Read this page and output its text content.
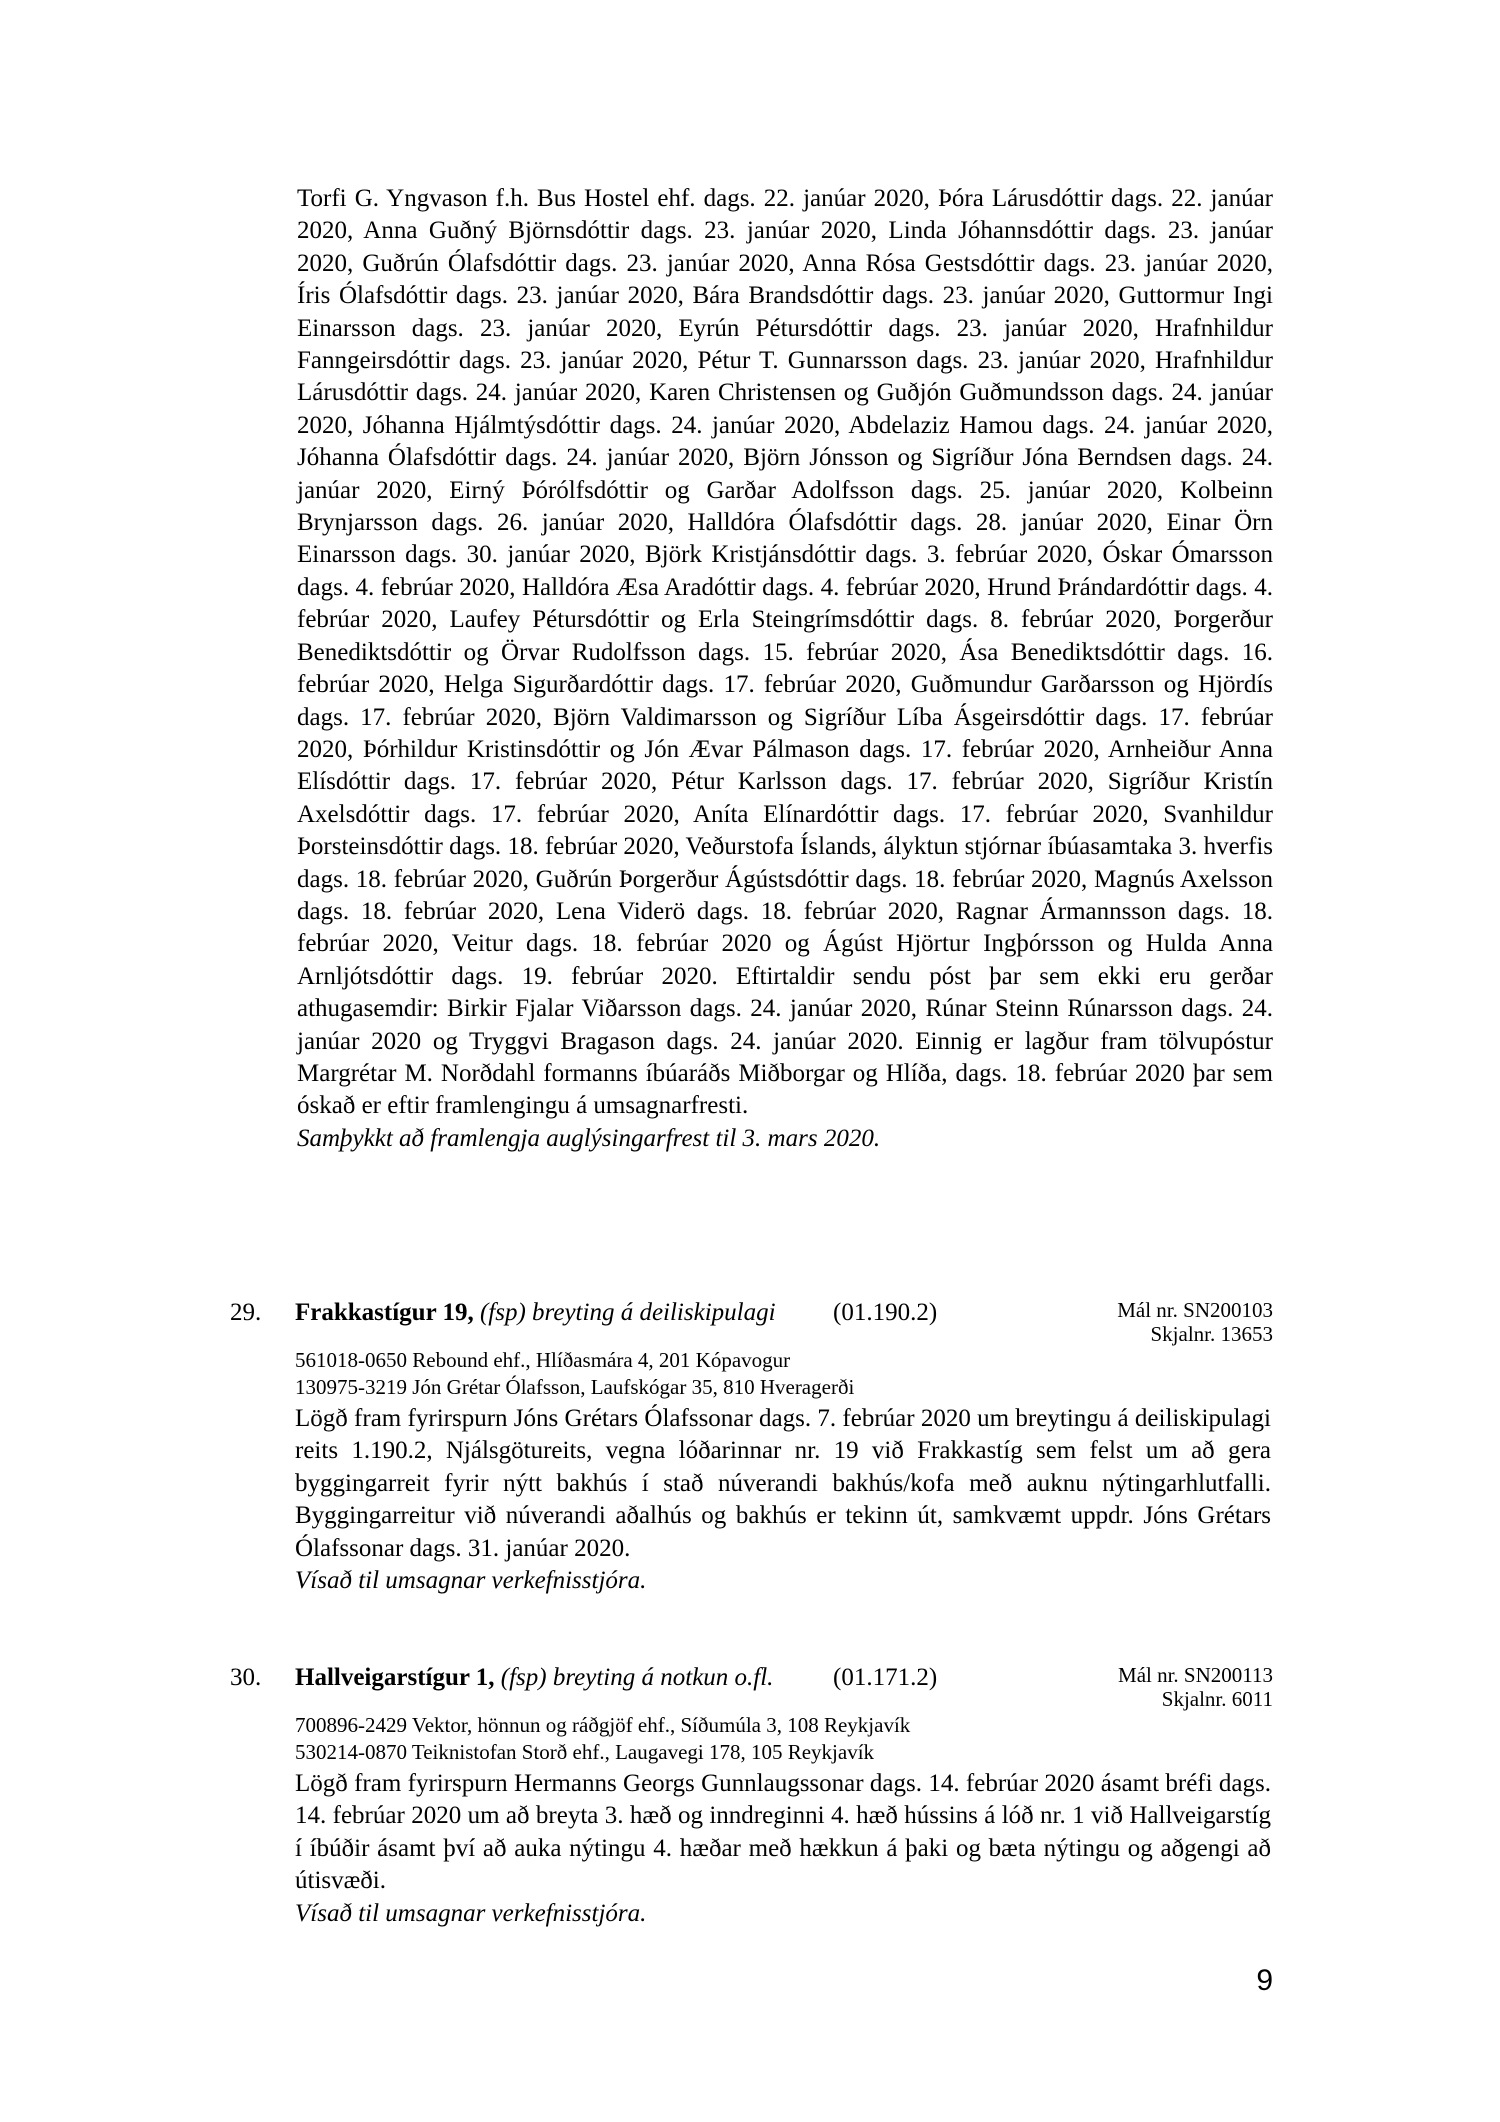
Torfi G. Yngvason f.h. Bus Hostel ehf. dags. 22. janúar 2020, Þóra Lárusdóttir dags. 22. janúar 2020, Anna Guðný Björnsdóttir dags. 23. janúar 2020, Linda Jóhannsdóttir dags. 23. janúar 2020, Guðrún Ólafsdóttir dags. 23. janúar 2020, Anna Rósa Gestsdóttir dags. 23. janúar 2020, Íris Ólafsdóttir dags. 23. janúar 2020, Bára Brandsdóttir dags. 23. janúar 2020, Guttormur Ingi Einarsson dags. 23. janúar 2020, Eyrún Pétursdóttir dags. 23. janúar 2020, Hrafnhildur Fanngeirsdóttir dags. 23. janúar 2020, Pétur T. Gunnarsson dags. 23. janúar 2020, Hrafnhildur Lárusdóttir dags. 24. janúar 2020, Karen Christensen og Guðjón Guðmundsson dags. 24. janúar 2020, Jóhanna Hjálmtýsdóttir dags. 24. janúar 2020, Abdelaziz Hamou dags. 24. janúar 2020, Jóhanna Ólafsdóttir dags. 24. janúar 2020, Björn Jónsson og Sigríður Jóna Berndsen dags. 24. janúar 2020, Eirný Þórólfsdóttir og Garðar Adolfsson dags. 25. janúar 2020, Kolbeinn Brynjarsson dags. 26. janúar 2020, Halldóra Ólafsdóttir dags. 28. janúar 2020, Einar Örn Einarsson dags. 30. janúar 2020, Björk Kristjánsdóttir dags. 3. febrúar 2020, Óskar Ómarsson dags. 4. febrúar 2020, Halldóra Æsa Aradóttir dags. 4. febrúar 2020, Hrund Þrándardóttir dags. 4. febrúar 2020, Laufey Pétursdóttir og Erla Steingrímsdóttir dags. 8. febrúar 2020, Þorgerður Benediktsdóttir og Örvar Rudolfsson dags. 15. febrúar 2020, Ása Benediktsdóttir dags. 16. febrúar 2020, Helga Sigurðardóttir dags. 17. febrúar 2020, Guðmundur Garðarsson og Hjördís dags. 17. febrúar 2020, Björn Valdimarsson og Sigríður Líba Ásgeirsdóttir dags. 17. febrúar 2020, Þórhildur Kristinsdóttir og Jón Ævar Pálmason dags. 17. febrúar 2020, Arnheiður Anna Elísdóttir dags. 17. febrúar 2020, Pétur Karlsson dags. 17. febrúar 2020, Sigríður Kristín Axelsdóttir dags. 17. febrúar 2020, Aníta Elínardóttir dags. 17. febrúar 2020, Svanhildur Þorsteinsdóttir dags. 18. febrúar 2020, Veðurstofa Íslands, ályktun stjórnar íbúasamtaka 3. hverfis dags. 18. febrúar 2020, Guðrún Þorgerður Ágústsdóttir dags. 18. febrúar 2020, Magnús Axelsson dags. 18. febrúar 2020, Lena Viderö dags. 18. febrúar 2020, Ragnar Ármannsson dags. 18. febrúar 2020, Veitur dags. 18. febrúar 2020 og Ágúst Hjörtur Ingþórsson og Hulda Anna Arnljótsdóttir dags. 19. febrúar 2020. Eftirtaldir sendu póst þar sem ekki eru gerðar athugasemdir: Birkir Fjalar Viðarsson dags. 24. janúar 2020, Rúnar Steinn Rúnarsson dags. 24. janúar 2020 og Tryggvi Bragason dags. 24. janúar 2020. Einnig er lagður fram tölvupóstur Margrétar M. Norðdahl formanns íbúaráðs Miðborgar og Hlíða, dags. 18. febrúar 2020 þar sem óskað er eftir framlengingu á umsagnarfresti.

Samþykkt að framlengja auglýsingarfrest til 3. mars 2020.

29.	Frakkastígur 19, (fsp) breyting á deiliskipulagi	(01.190.2)	Mál nr. SN200103
Skjalnr. 13653
561018-0650 Rebound ehf., Hlíðasmára 4, 201 Kópavogur
130975-3219 Jón Grétar Ólafsson, Laufskógar 35, 810 Hveragerði

Lögð fram fyrirspurn Jóns Grétars Ólafssonar dags. 7. febrúar 2020 um breytingu á deiliskipulagi reits 1.190.2, Njálsgötureits, vegna lóðarinnar nr. 19 við Frakkastíg sem felst um að gera byggingarreit fyrir nýtt bakhús í stað núverandi bakhús/kofa með auknu nýtingarhlutfalli. Byggingarreitur við núverandi aðalhús og bakhús er tekinn út, samkvæmt uppdr. Jóns Grétars Ólafssonar dags. 31. janúar 2020.

Vísað til umsagnar verkefnisstjóra.

30.	Hallveigarstígur 1, (fsp) breyting á notkun o.fl.	(01.171.2)	Mál nr. SN200113
Skjalnr. 6011
700896-2429 Vektor, hönnun og ráðgjöf ehf., Síðumúla 3, 108 Reykjavík
530214-0870 Teiknistofan Storð ehf., Laugavegi 178, 105 Reykjavík

Lögð fram fyrirspurn Hermanns Georgs Gunnlaugssonar dags. 14. febrúar 2020 ásamt bréfi dags. 14. febrúar 2020 um að breyta 3. hæð og inndreginni 4. hæð hússins á lóð nr. 1 við Hallveigarstíg í íbúðir ásamt því að auka nýtingu 4. hæðar með hækkun á þaki og bæta nýtingu og aðgengi að útisvæði.

Vísað til umsagnar verkefnisstjóra.

9
